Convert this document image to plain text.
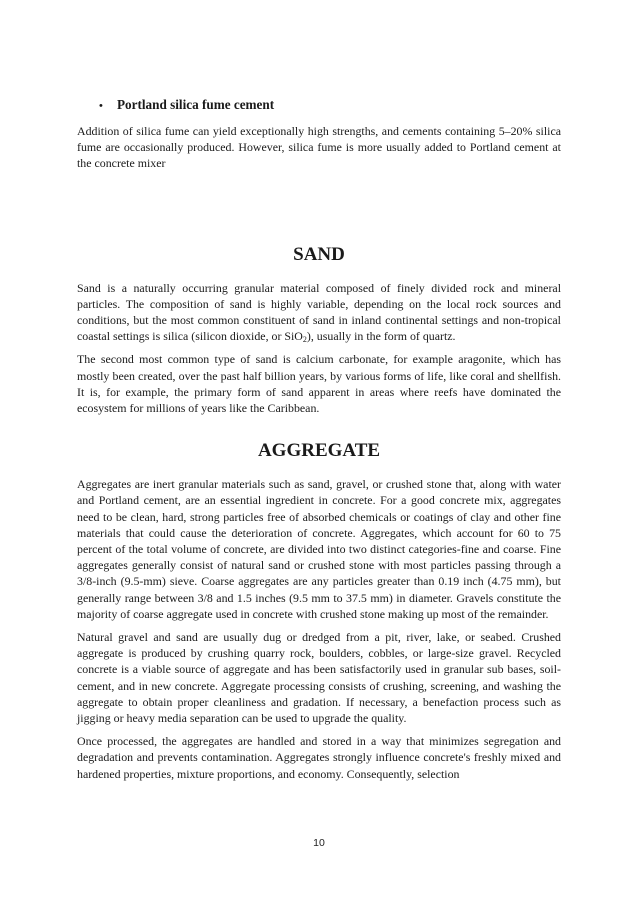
•	Portland silica fume cement

Addition of silica fume can yield exceptionally high strengths, and cements containing 5–20% silica fume are occasionally produced. However, silica fume is more usually added to Portland cement at the concrete mixer

SAND

Sand is a naturally occurring granular material composed of finely divided rock and mineral particles. The composition of sand is highly variable, depending on the local rock sources and conditions, but the most common constituent of sand in inland continental settings and non-tropical coastal settings is silica (silicon dioxide, or SiO$_2$), usually in the form of quartz.

The second most common type of sand is calcium carbonate, for example aragonite, which has mostly been created, over the past half billion years, by various forms of life, like coral and shellfish. It is, for example, the primary form of sand apparent in areas where reefs have dominated the ecosystem for millions of years like the Caribbean.

AGGREGATE

Aggregates are inert granular materials such as sand, gravel, or crushed stone that, along with water and Portland cement, are an essential ingredient in concrete. For a good concrete mix, aggregates need to be clean, hard, strong particles free of absorbed chemicals or coatings of clay and other fine materials that could cause the deterioration of concrete. Aggregates, which account for 60 to 75 percent of the total volume of concrete, are divided into two distinct categories-fine and coarse. Fine aggregates generally consist of natural sand or crushed stone with most particles passing through a 3/8-inch (9.5-mm) sieve. Coarse aggregates are any particles greater than 0.19 inch (4.75 mm), but generally range between 3/8 and 1.5 inches (9.5 mm to 37.5 mm) in diameter. Gravels constitute the majority of coarse aggregate used in concrete with crushed stone making up most of the remainder.

Natural gravel and sand are usually dug or dredged from a pit, river, lake, or seabed. Crushed aggregate is produced by crushing quarry rock, boulders, cobbles, or large-size gravel. Recycled concrete is a viable source of aggregate and has been satisfactorily used in granular sub bases, soil-cement, and in new concrete. Aggregate processing consists of crushing, screening, and washing the aggregate to obtain proper cleanliness and gradation. If necessary, a benefaction process such as jigging or heavy media separation can be used to upgrade the quality.

Once processed, the aggregates are handled and stored in a way that minimizes segregation and degradation and prevents contamination. Aggregates strongly influence concrete's freshly mixed and hardened properties, mixture proportions, and economy. Consequently, selection

10
